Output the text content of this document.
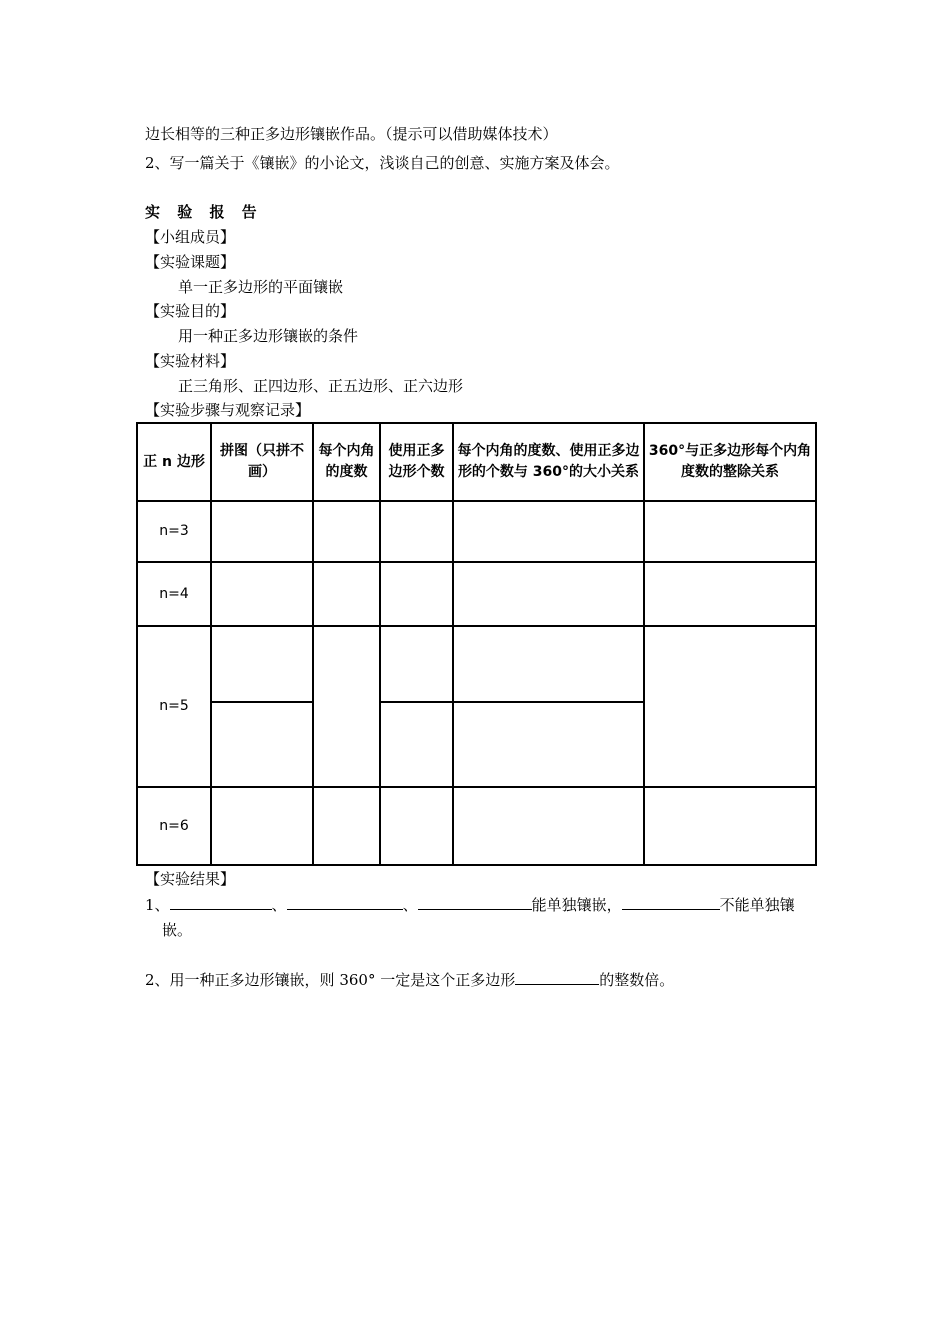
边长相等的三种正多边形镶嵌作品。（提示可以借助媒体技术）
2、写一篇关于《镶嵌》的小论文，浅谈自己的创意、实施方案及体会。
实 验 报 告
【小组成员】
【实验课题】
单一正多边形的平面镶嵌
【实验目的】
用一种正多边形镶嵌的条件
【实验材料】
正三角形、正四边形、正五边形、正六边形
【实验步骤与观察记录】
正 n 边形	拼图（只拼不画）	每个内角的度数	使用正多边形个数	每个内角的度数、使用正多边形的个数与 360°的大小关系	360°与正多边形每个内角度数的整除关系
n=3					
n=4					
n=5					

n=6					
【实验结果】
1、	、	、	能单独镶嵌，	不能单独镶
嵌。
2、用一种正多边形镶嵌，则 360° 一定是这个正多边形	的整数倍。
